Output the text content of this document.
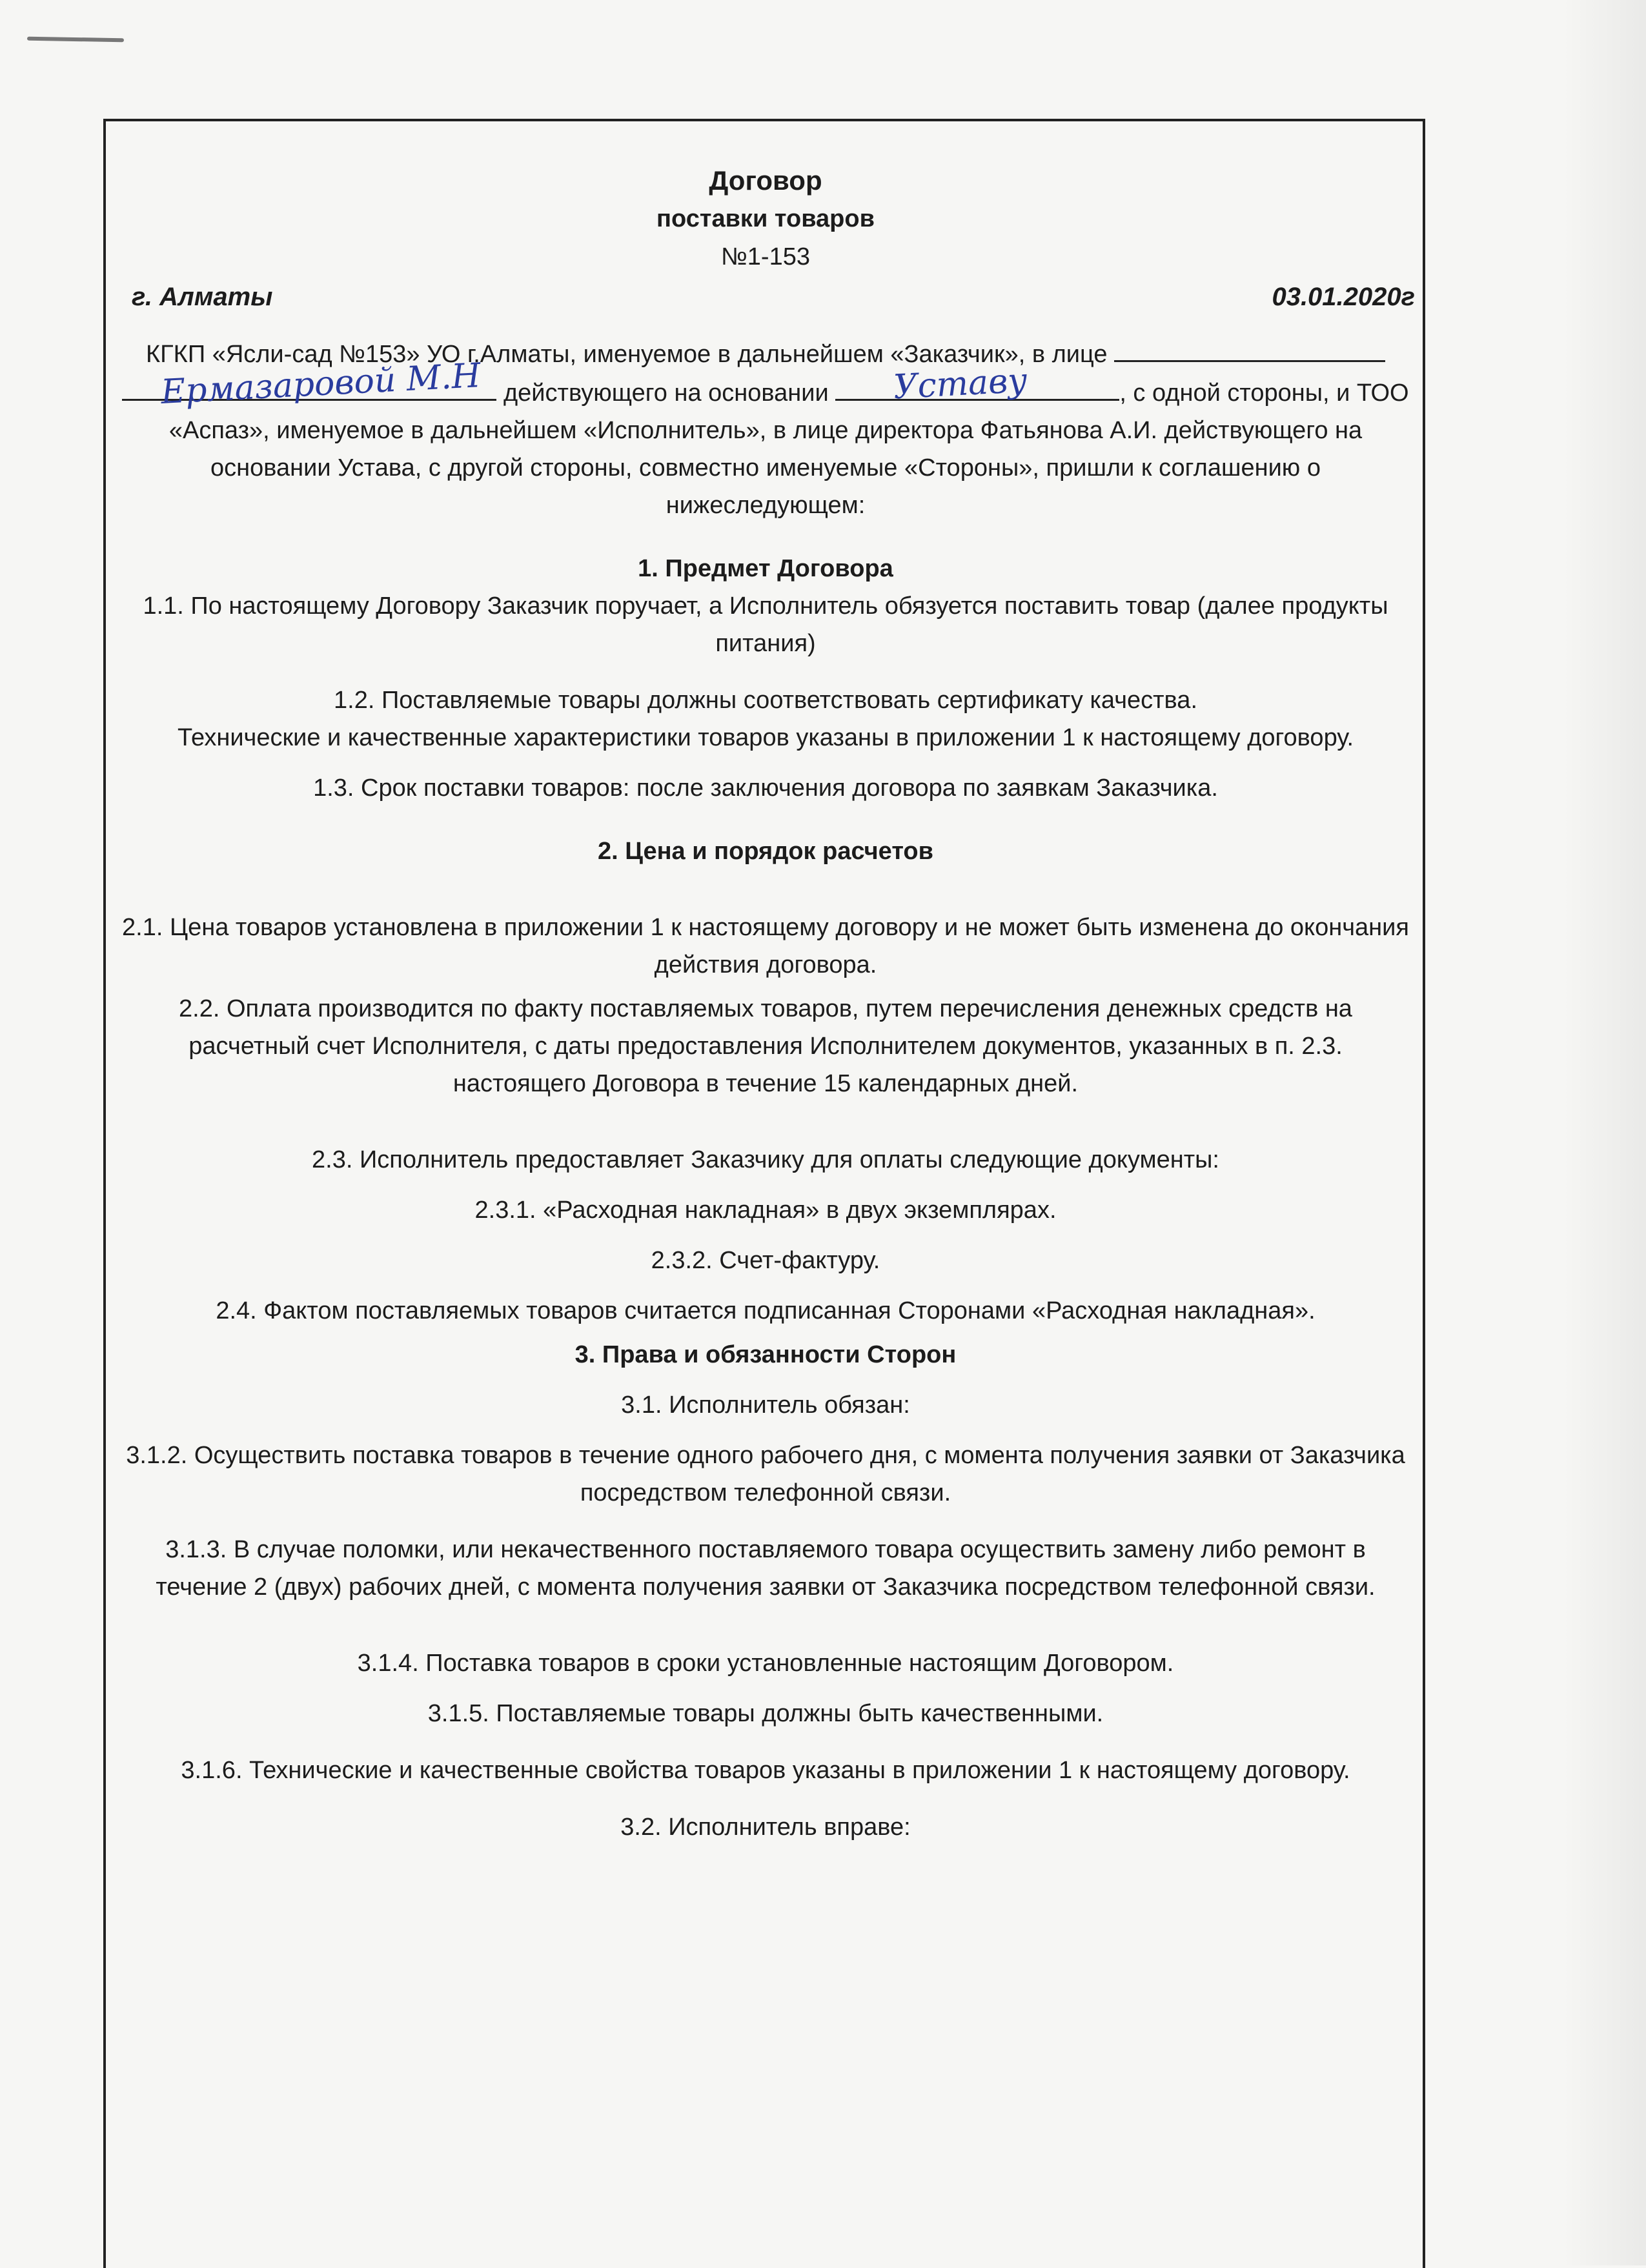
Договор
поставки товаров
№1-153
г. Алматы	03.01.2020г
КГКП «Ясли-сад №153» УО г.Алматы, именуемое в дальнейшем «Заказчик», в лице

Ермазаровой М.Н действующего на основании Уставу	, с одной стороны, и ТОО «Аспаз», именуемое в дальнейшем «Исполнитель», в лице директора Фатьянова А.И. действующего на основании Устава, с другой стороны, совместно именуемые «Стороны», пришли к соглашению о нижеследующем:
1. Предмет Договора
1.1. По настоящему Договору Заказчик поручает, а Исполнитель обязуется поставить товар (далее продукты питания)
1.2. Поставляемые товары должны соответствовать сертификату качества.
Технические и качественные характеристики товаров указаны в приложении 1 к настоящему договору.
1.3. Срок поставки товаров: после заключения договора по заявкам Заказчика.
2. Цена и порядок расчетов
2.1. Цена товаров установлена в приложении 1 к настоящему договору и не может быть изменена до окончания действия договора.
2.2. Оплата производится по факту поставляемых товаров, путем перечисления денежных средств на расчетный счет Исполнителя, с даты предоставления Исполнителем документов, указанных в п. 2.3. настоящего Договора в течение 15 календарных дней.
2.3. Исполнитель предоставляет Заказчику для оплаты следующие документы:
2.3.1. «Расходная накладная» в двух экземплярах.
2.3.2. Счет-фактуру.
2.4. Фактом поставляемых товаров считается подписанная Сторонами «Расходная накладная».
3. Права и обязанности Сторон
3.1. Исполнитель обязан:
3.1.2. Осуществить поставка товаров в течение одного рабочего дня, с момента получения заявки от Заказчика посредством телефонной связи.
3.1.3. В случае поломки, или некачественного поставляемого товара осуществить замену либо ремонт в течение 2 (двух) рабочих дней, с момента получения заявки от Заказчика посредством телефонной связи.
3.1.4. Поставка товаров в сроки установленные настоящим Договором.
3.1.5. Поставляемые товары должны быть качественными.
3.1.6. Технические и качественные свойства товаров указаны в приложении 1 к настоящему договору.
3.2. Исполнитель вправе:
